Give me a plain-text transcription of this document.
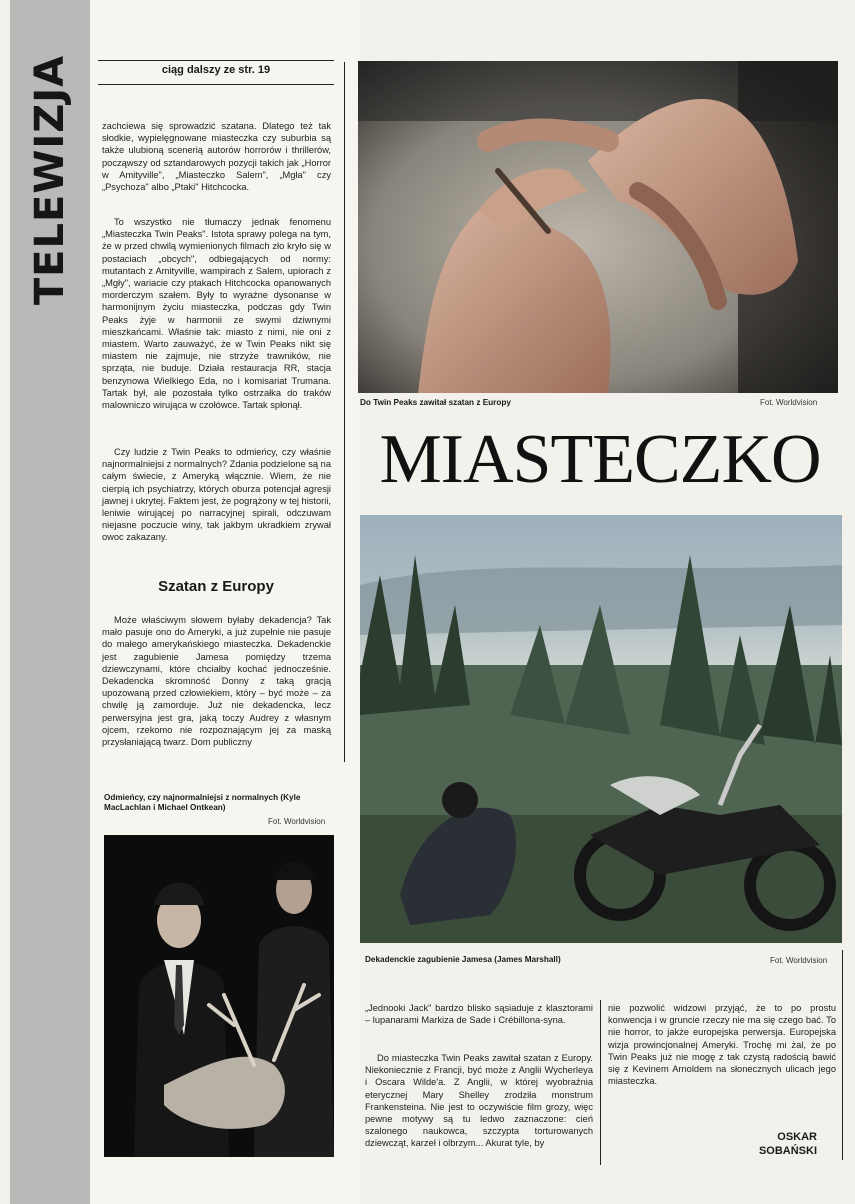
TELEWIZJA	ciąg dalszy ze str. 19

zachciewa się sprowadzić szatana. Dlatego też tak słodkie, wypielęgnowane miasteczka czy suburbia są także ulubioną scenerią autorów horrorów i thrillerów, począwszy od sztandarowych pozycji takich jak „Horror w Amityville", „Miasteczko Salem", „Mgła" czy „Psychoza" albo „Ptaki" Hitchcocka.

To wszystko nie tłumaczy jednak fenomenu „Miasteczka Twin Peaks". Istota sprawy polega na tym, że w przed chwilą wymienionych filmach zło kryło się w postaciach „obcych", odbiegających od normy: mutantach z Amityville, wampirach z Salem, upiorach z „Mgły", wariacie czy ptakach Hitchcocka opanowanych morderczym szałem. Były to wyraźne dysonanse w harmonijnym życiu miasteczka, podczas gdy Twin Peaks żyje w harmonii ze swymi dziwnymi mieszkańcami. Właśnie tak: miasto z nimi, nie oni z miastem. Warto zauważyć, że w Twin Peaks nikt się miastem nie zajmuje, nie strzyże trawników, nie sprząta, nie buduje. Działa restauracja RR, stacja benzynowa Wielkiego Eda, no i komisariat Trumana. Tartak był, ale pozostała tylko ostrzałka do traków malowniczo wirująca w czołówce. Tartak spłonął.

Czy ludzie z Twin Peaks to odmieńcy, czy właśnie najnormalniejsi z normalnych? Zdania podzielone są na całym świecie, z Ameryką włącznie. Wiem, że nie cierpią ich psychiatrzy, których oburza potencjał agresji jawnej i ukrytej. Faktem jest, że pogrążony w tej historii, leniwie wirującej po narracyjnej spirali, odczuwam niejasne poczucie winy, tak jakbym ukradkiem zrywał owoc zakazany.

Szatan z Europy

Może właściwym słowem byłaby dekadencja? Tak mało pasuje ono do Ameryki, a już zupełnie nie pasuje do małego amerykańskiego miasteczka. Dekadenckie jest zagubienie Jamesa pomiędzy trzema dziewczynami, które chciałby kochać jednocześnie. Dekadencka skromność Donny z taką gracją upozowaną przed człowiekiem, który – być może – za chwilę ją zamorduje. Już nie dekadencka, lecz perwersyjna jest gra, jaką toczy Audrey z własnym ojcem, rzekomo nie rozpoznającym jej za maską przysłaniającą twarz. Dom publiczny

Do Twin Peaks zawitał szatan z Europy	Fot. Worldvision
MIASTECZKO
Dekadenckie zagubienie Jamesa (James Marshall)	Fot. Worldvision
Odmieńcy, czy najnormalniejsi z normalnych (Kyle MacLachlan i Michael Ontkean)
Fot. Worldvision

„Jednooki Jack" bardzo blisko sąsiaduje z klasztorami – lupanarami Markiza de Sade i Crébillona-syna.

Do miasteczka Twin Peaks zawitał szatan z Europy. Niekoniecznie z Francji, być może z Anglii Wycherleya i Oscara Wilde'a. Z Anglii, w której wyobraźnia eterycznej Mary Shelley zrodziła monstrum Frankensteina. Nie jest to oczywiście film grozy, więc pewne motywy są tu ledwo zaznaczone: cień szalonego naukowca, szczypta torturowanych dziewcząt, karzeł i olbrzym... Akurat tyle, by

nie pozwolić widzowi przyjąć, że to po prostu konwencja i w gruncie rzeczy nie ma się czego bać. To nie horror, to jakże europejska perwersja. Europejska wizja prowincjonalnej Ameryki. Trochę mi żal, że po Twin Peaks już nie mogę z tak czystą radością bawić się z Kevinem Arnoldem na słonecznych ulicach jego miasteczka.

OSKAR
SOBAŃSKI
